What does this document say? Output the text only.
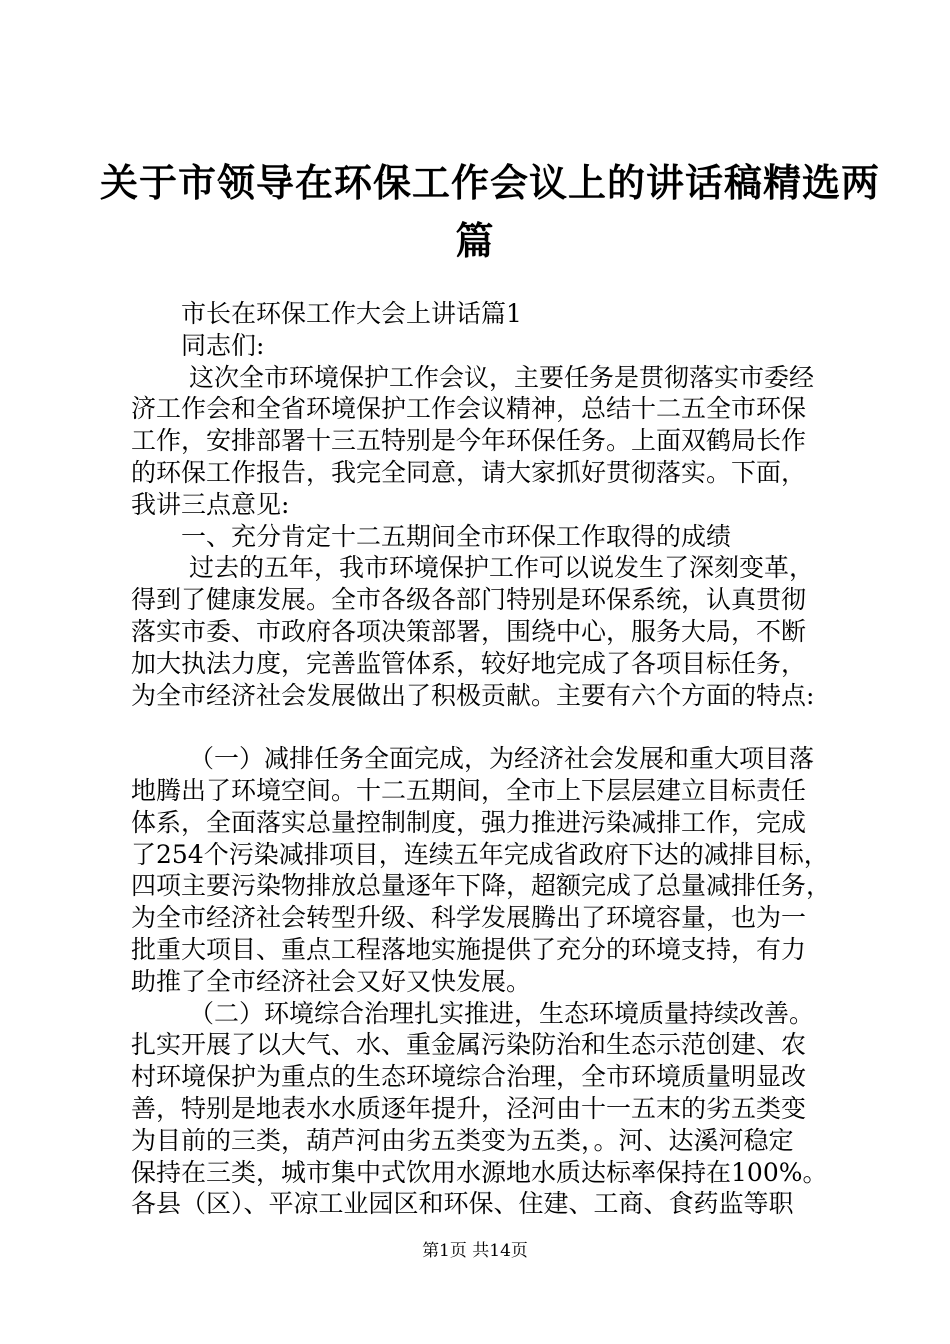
关于市领导在环保工作会议上的讲话稿精选两
篇
市长在环保工作大会上讲话篇1
同志们:
这次全市环境保护工作会议，主要任务是贯彻落实市委经
济工作会和全省环境保护工作会议精神，总结十二五全市环保
工作，安排部署十三五特别是今年环保任务。上面双鹤局长作
的环保工作报告，我完全同意，请大家抓好贯彻落实。下面，
我讲三点意见:
一、充分肯定十二五期间全市环保工作取得的成绩
过去的五年，我市环境保护工作可以说发生了深刻变革，
得到了健康发展。全市各级各部门特别是环保系统，认真贯彻
落实市委、市政府各项决策部署，围绕中心，服务大局，不断
加大执法力度，完善监管体系，较好地完成了各项目标任务，
为全市经济社会发展做出了积极贡献。主要有六个方面的特点:
（一）减排任务全面完成，为经济社会发展和重大项目落
地腾出了环境空间。十二五期间，全市上下层层建立目标责任
体系，全面落实总量控制制度，强力推进污染减排工作，完成
了254个污染减排项目，连续五年完成省政府下达的减排目标，
四项主要污染物排放总量逐年下降，超额完成了总量减排任务，
为全市经济社会转型升级、科学发展腾出了环境容量，也为一
批重大项目、重点工程落地实施提供了充分的环境支持，有力
助推了全市经济社会又好又快发展。
（二）环境综合治理扎实推进，生态环境质量持续改善。
扎实开展了以大气、水、重金属污染防治和生态示范创建、农
村环境保护为重点的生态环境综合治理，全市环境质量明显改
善，特别是地表水水质逐年提升，泾河由十一五末的劣五类变
为目前的三类，葫芦河由劣五类变为五类，。河、达溪河稳定
保持在三类，城市集中式饮用水源地水质达标率保持在100%。
各县（区）、平凉工业园区和环保、住建、工商、食药监等职
第1页 共14页
